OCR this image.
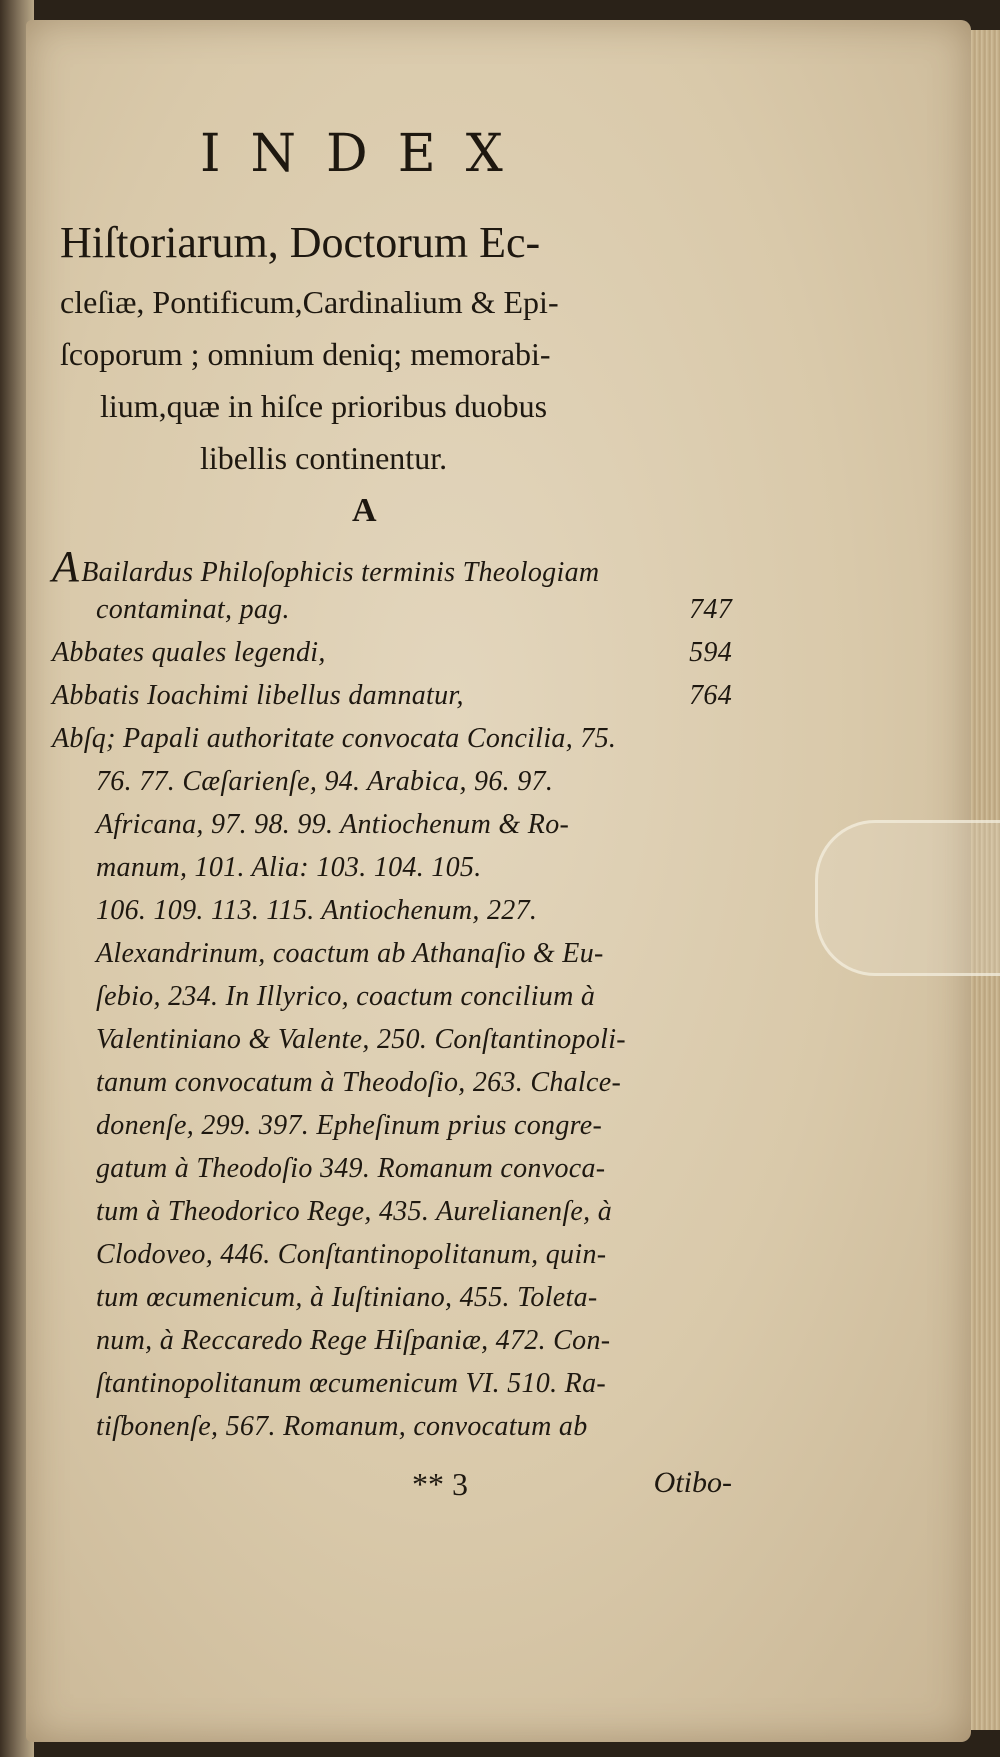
INDEX
Hiſtoriarum, Doctorum Ec-
cleſiæ, Pontificum,Cardinalium & Epi-
ſcoporum ; omnium deniq; memorabi-
lium,quæ in hiſce prioribus duobus
libellis continentur.
A
ABailardus Philoſophicis terminis Theologiam
contaminat, pag.	747
Abbates quales legendi,	594
Abbatis Ioachimi libellus damnatur,	764
Abſq; Papali authoritate convocata Concilia, 75.
76. 77. Cæſarienſe, 94. Arabica, 96. 97.
Africana, 97. 98. 99. Antiochenum & Ro-
manum, 101. Alia: 103. 104. 105.
106. 109. 113. 115. Antiochenum, 227.
Alexandrinum, coactum ab Athanaſio & Eu-
ſebio, 234. In Illyrico, coactum concilium à
Valentiniano & Valente, 250. Conſtantinopoli-
tanum convocatum à Theodoſio, 263. Chalce-
donenſe, 299. 397. Epheſinum prius congre-
gatum à Theodoſio 349. Romanum convoca-
tum à Theodorico Rege, 435. Aurelianenſe, à
Clodoveo, 446. Conſtantinopolitanum, quin-
tum œcumenicum, à Iuſtiniano, 455. Toleta-
num, à Reccaredo Rege Hiſpaniæ, 472. Con-
ſtantinopolitanum œcumenicum VI. 510. Ra-
tiſbonenſe, 567. Romanum, convocatum ab
** 3	Otibo-
